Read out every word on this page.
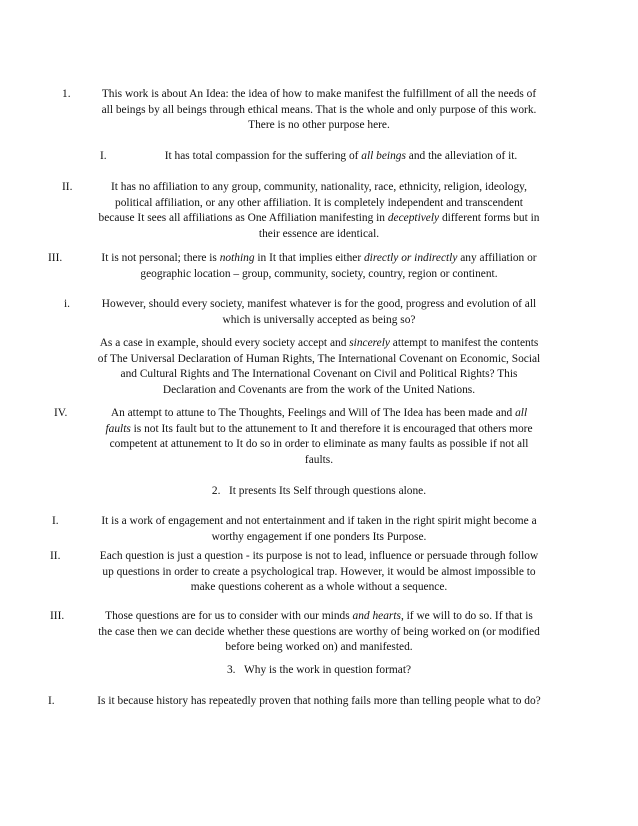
1.	This work is about An Idea: the idea of how to make manifest the fulfillment of all the needs of
all beings by all beings through ethical means. That is the whole and only purpose of this work.
There is no other purpose here.
I.	It has total compassion for the suffering of all beings and the alleviation of it.
II.	It has no affiliation to any group, community, nationality, race, ethnicity, religion, ideology,
political affiliation, or any other affiliation. It is completely independent and transcendent
because It sees all affiliations as One Affiliation manifesting in deceptively different forms but in
their essence are identical.
III.	It is not personal; there is nothing in It that implies either directly or indirectly any affiliation or
geographic location – group, community, society, country, region or continent.
i.	However, should every society, manifest whatever is for the good, progress and evolution of all
which is universally accepted as being so?
As a case in example, should every society accept and sincerely attempt to manifest the contents
of The Universal Declaration of Human Rights, The International Covenant on Economic, Social
and Cultural Rights and The International Covenant on Civil and Political Rights? This
Declaration and Covenants are from the work of the United Nations.
IV.	An attempt to attune to The Thoughts, Feelings and Will of The Idea has been made and all
faults is not Its fault but to the attunement to It and therefore it is encouraged that others more
competent at attunement to It do so in order to eliminate as many faults as possible if not all
faults.
2. It presents Its Self through questions alone.
I.	It is a work of engagement and not entertainment and if taken in the right spirit might become a
worthy engagement if one ponders Its Purpose.
II.	Each question is just a question - its purpose is not to lead, influence or persuade through follow
up questions in order to create a psychological trap. However, it would be almost impossible to
make questions coherent as a whole without a sequence.
III.	Those questions are for us to consider with our minds and hearts, if we will to do so. If that is
the case then we can decide whether these questions are worthy of being worked on (or modified
before being worked on) and manifested.
3. Why is the work in question format?
I.	Is it because history has repeatedly proven that nothing fails more than telling people what to do?
